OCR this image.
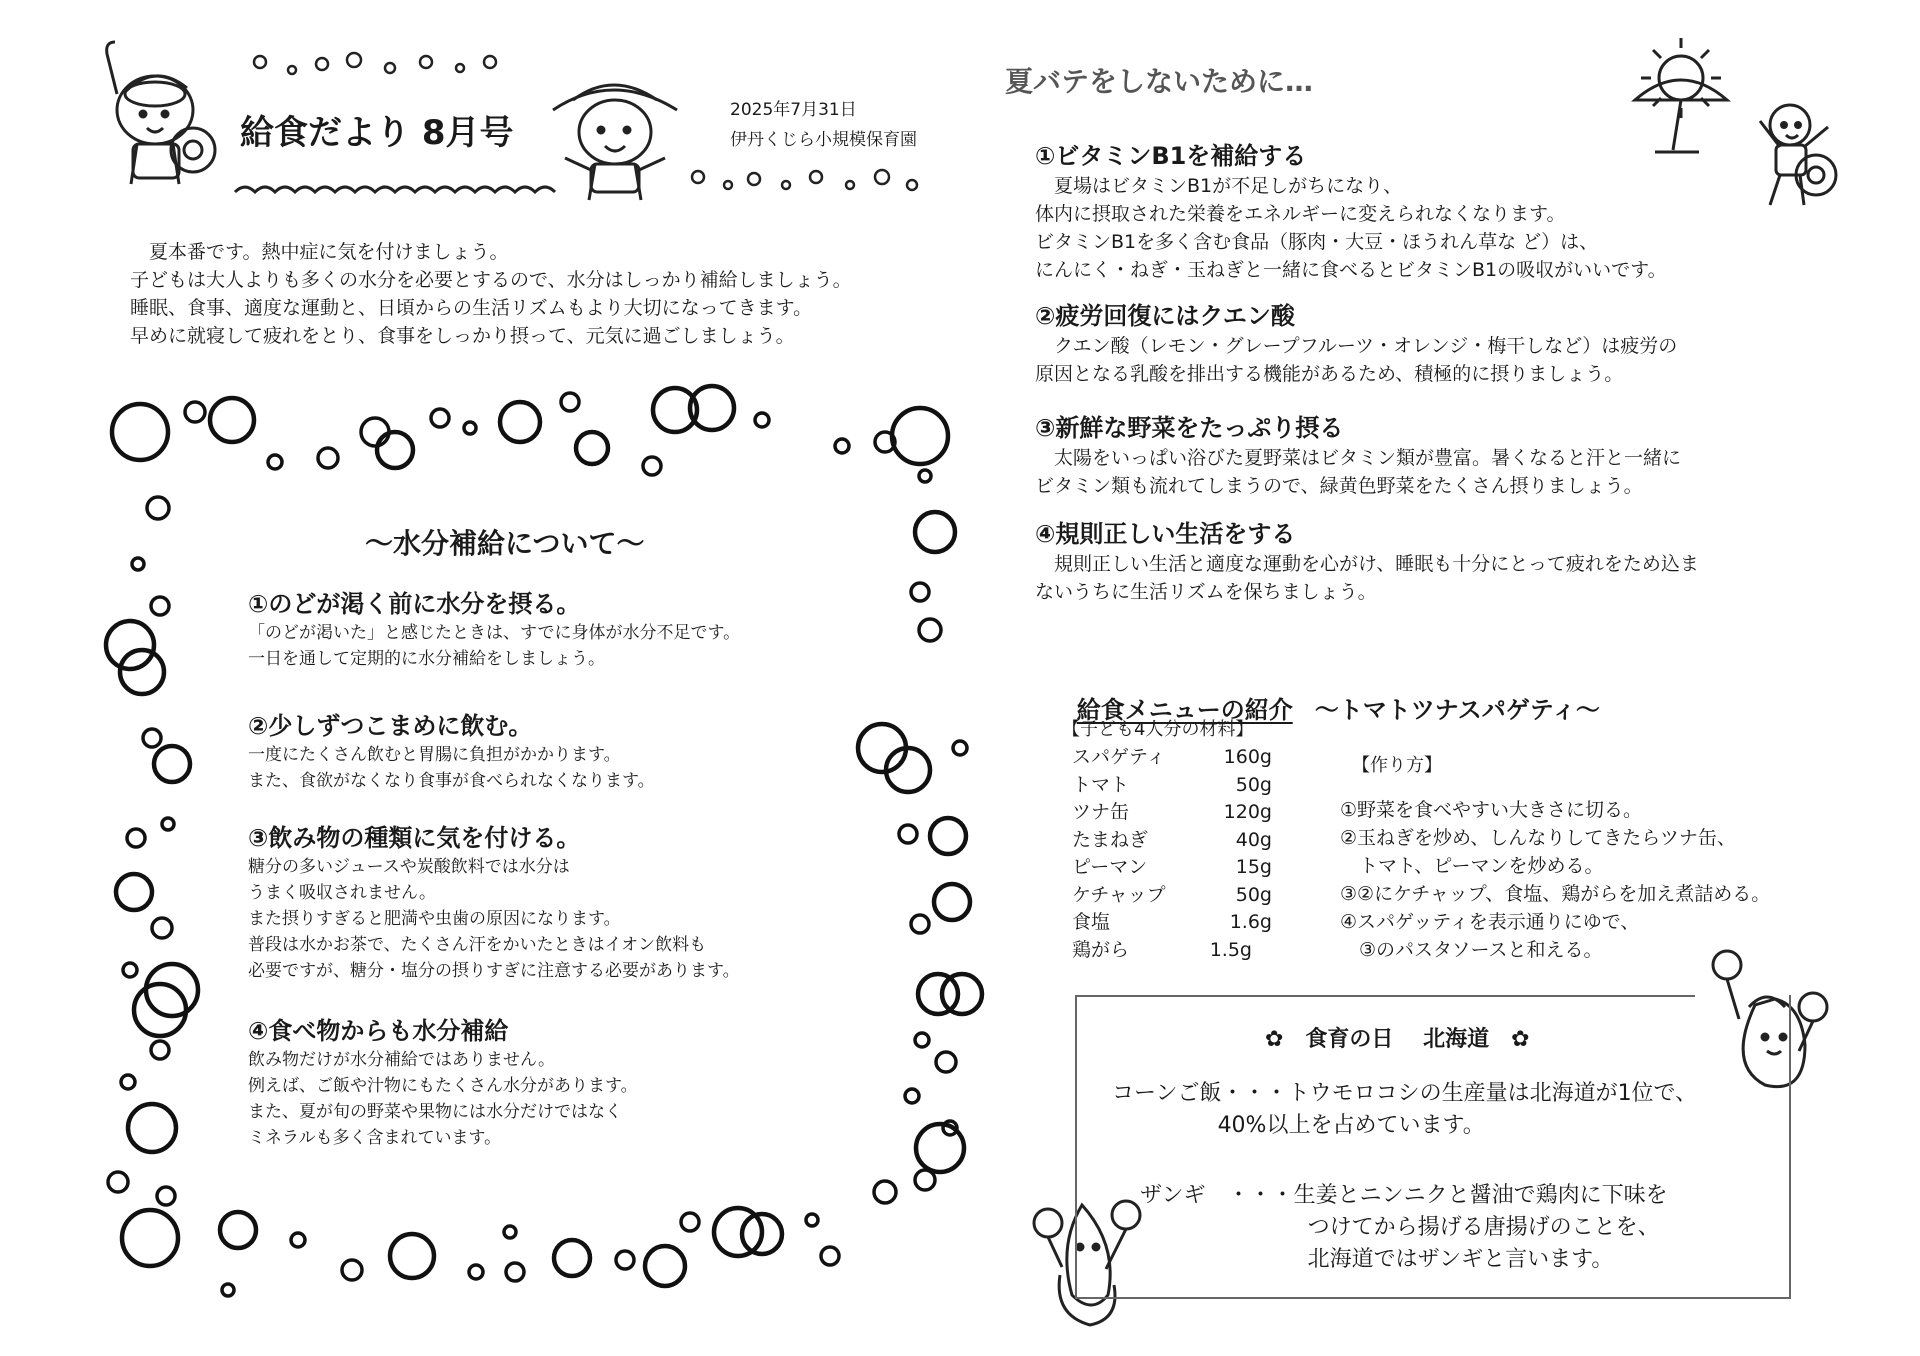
給食だより 8月号
2025年7月31日
伊丹くじら小規模保育園

　夏本番です。熱中症に気を付けましょう。

子どもは大人よりも多くの水分を必要とするので、水分はしっかり補給しましょう。

睡眠、食事、適度な運動と、日頃からの生活リズムもより大切になってきます。

早めに就寝して疲れをとり、食事をしっかり摂って、元気に過ごしましょう。

～水分補給について～

①のどが渇く前に水分を摂る。

「のどが渇いた」と感じたときは、すでに身体が水分不足です。

一日を通して定期的に水分補給をしましょう。

②少しずつこまめに飲む。

一度にたくさん飲むと胃腸に負担がかかります。

また、食欲がなくなり食事が食べられなくなります。

③飲み物の種類に気を付ける。

糖分の多いジュースや炭酸飲料では水分は

うまく吸収されません。

また摂りすぎると肥満や虫歯の原因になります。

普段は水かお茶で、たくさん汗をかいたときはイオン飲料も

必要ですが、糖分・塩分の摂りすぎに注意する必要があります。

④食べ物からも水分補給

飲み物だけが水分補給ではありません。

例えば、ご飯や汁物にもたくさん水分があります。

また、夏が旬の野菜や果物には水分だけではなく

ミネラルも多く含まれています。

夏バテをしないために…

①ビタミンB1を補給する

　夏場はビタミンB1が不足しがちになり、

体内に摂取された栄養をエネルギーに変えられなくなります。

ビタミンB1を多く含む食品（豚肉・大豆・ほうれん草な ど）は、

にんにく・ねぎ・玉ねぎと一緒に食べるとビタミンB1の吸収がいいです。

②疲労回復にはクエン酸

　クエン酸（レモン・グレープフルーツ・オレンジ・梅干しなど）は疲労の

原因となる乳酸を排出する機能があるため、積極的に摂りましょう。

③新鮮な野菜をたっぷり摂る

　太陽をいっぱい浴びた夏野菜はビタミン類が豊富。暑くなると汗と一緒に

ビタミン類も流れてしまうので、緑黄色野菜をたくさん摂りましょう。

④規則正しい生活をする

　規則正しい生活と適度な運動を心がけ、睡眠も十分にとって疲れをため込ま

ないうちに生活リズムを保ちましょう。

給食メニューの紹介 ～トマトツナスパゲティ～

【子ども4人分の材料】

スパゲティ	160g
トマト	50g
ツナ缶	120g
たまねぎ	40g
ピーマン	15g
ケチャップ	50g
食塩	1.6g
鶏がら	1.5g

【作り方】

①野菜を食べやすい大きさに切る。

②玉ねぎを炒め、しんなりしてきたらツナ缶、

　トマト、ピーマンを炒める。

③②にケチャップ、食塩、鶏がらを加え煮詰める。

④スパゲッティを表示通りにゆで、

　③のパスタソースと和える。

✿　食育の日　 北海道　✿
コーンご飯・・・ トウモロコシの生産量は北海道が1位で、

40%以上を占めています。

ザンギ　・・・ 生姜とニンニクと醤油で鶏肉に下味を

つけてから揚げる唐揚げのことを、

北海道ではザンギと言います。
